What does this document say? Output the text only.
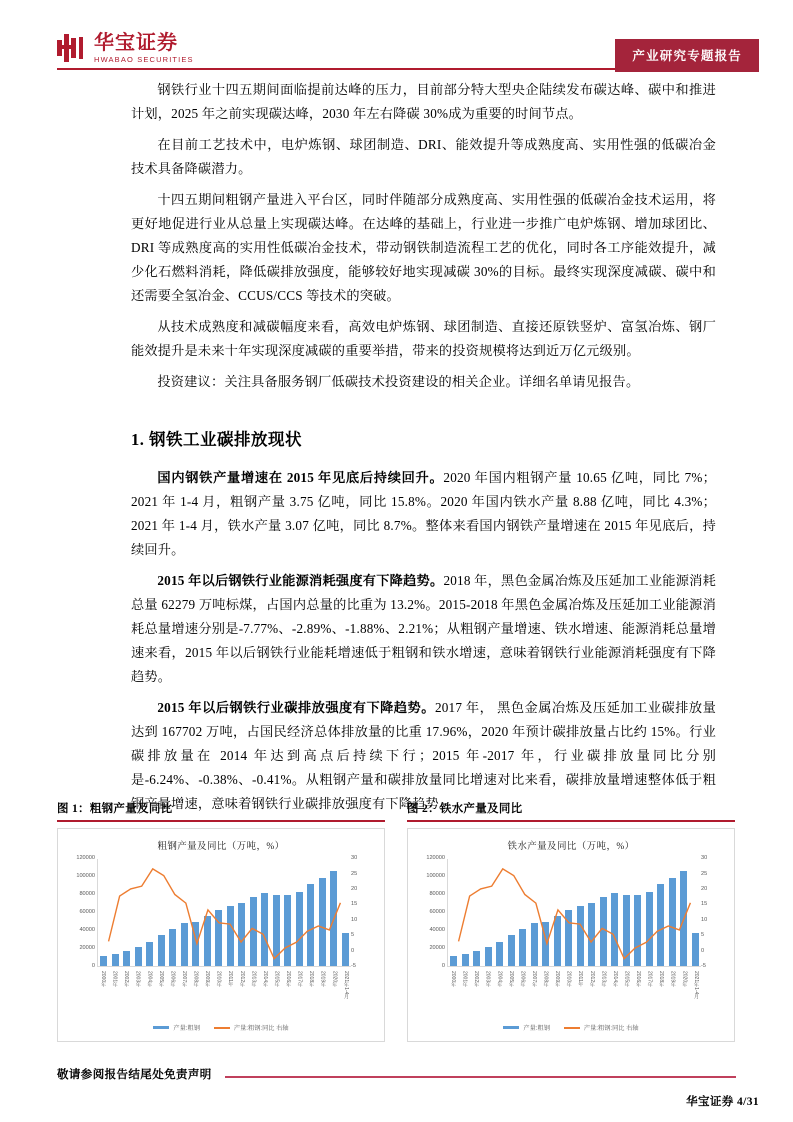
华宝证券
HWABAO SECURITIES	产业研究专题报告

钢铁行业十四五期间面临提前达峰的压力，目前部分特大型央企陆续发布碳达峰、碳中和推进计划，2025 年之前实现碳达峰，2030 年左右降碳 30%成为重要的时间节点。

在目前工艺技术中，电炉炼钢、球团制造、DRI、能效提升等成熟度高、实用性强的低碳冶金技术具备降碳潜力。

十四五期间粗钢产量进入平台区，同时伴随部分成熟度高、实用性强的低碳冶金技术运用，将更好地促进行业从总量上实现碳达峰。在达峰的基础上，行业进一步推广电炉炼钢、增加球团比、DRI 等成熟度高的实用性低碳冶金技术，带动钢铁制造流程工艺的优化，同时各工序能效提升，减少化石燃料消耗，降低碳排放强度，能够较好地实现减碳 30%的目标。最终实现深度减碳、碳中和还需要全氢冶金、CCUS/CCS 等技术的突破。

从技术成熟度和减碳幅度来看，高效电炉炼钢、球团制造、直接还原铁竖炉、富氢冶炼、钢厂能效提升是未来十年实现深度减碳的重要举措，带来的投资规模将达到近万亿元级别。

投资建议：关注具备服务钢厂低碳技术投资建设的相关企业。详细名单请见报告。

1. 钢铁工业碳排放现状

国内钢铁产量增速在 2015 年见底后持续回升。2020 年国内粗钢产量 10.65 亿吨，同比 7%；2021 年 1-4 月，粗钢产量 3.75 亿吨，同比 15.8%。2020 年国内铁水产量 8.88 亿吨，同比 4.3%；2021 年 1-4 月，铁水产量 3.07 亿吨，同比 8.7%。整体来看国内钢铁产量增速在 2015 年见底后，持续回升。

2015 年以后钢铁行业能源消耗强度有下降趋势。2018 年，黑色金属冶炼及压延加工业能源消耗总量 62279 万吨标煤，占国内总量的比重为 13.2%。2015-2018 年黑色金属冶炼及压延加工业能源消耗总量增速分别是-7.77%、-2.89%、-1.88%、2.21%；从粗钢产量增速、铁水增速、能源消耗总量增速来看，2015 年以后钢铁行业能耗增速低于粗钢和铁水增速，意味着钢铁行业能源消耗强度有下降趋势。

2015 年以后钢铁行业碳排放强度有下降趋势。2017 年， 黑色金属冶炼及压延加工业碳排放量达到 167702 万吨，占国民经济总体排放量的比重 17.96%，2020 年预计碳排放量占比约 15%。行业碳排放量在 2014 年达到高点后持续下行；2015 年-2017 年，行业碳排放量同比分别是-6.24%、-0.38%、-0.41%。从粗钢产量和碳排放量同比增速对比来看，碳排放量增速整体低于粗钢产量增速，意味着钢铁行业碳排放强度有下降趋势。

图 1：粗钢产量及同比
粗钢产量及同比（万吨，%）
120000
100000
80000
60000
40000
20000
0
30
25
20
15
10
5
0
-5
2000年 2001年 2002年 2003年 2004年 2005年 2006年 2007年 2008年 2009年 2010年 2011年 2012年 2013年 2014年 2015年 2016年 2017年 2018年 2019年 2020年 2021年1-4月
产量:粗钢	产量:粗钢:同比 右轴
图 2：铁水产量及同比
铁水产量及同比（万吨，%）
120000
100000
80000
60000
40000
20000
0
30
25
20
15
10
5
0
-5
2000年 2001年 2002年 2003年 2004年 2005年 2006年 2007年 2008年 2009年 2010年 2011年 2012年 2013年 2014年 2015年 2016年 2017年 2018年 2019年 2020年 2021年1-4月
产量:粗钢	产量:粗钢:同比 右轴
敬请参阅报告结尾处免责声明
华宝证券 4/31
